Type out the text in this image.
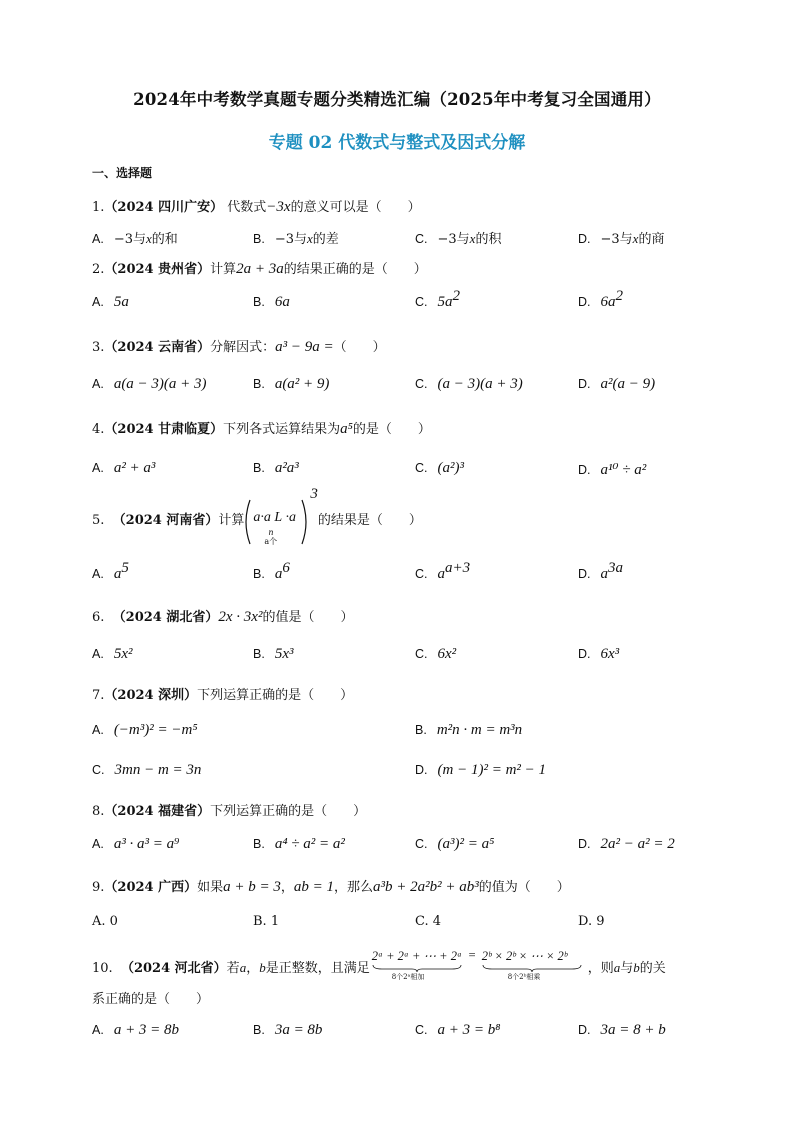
2024年中考数学真题专题分类精选汇编（2025年中考复习全国通用）
专题 02 代数式与整式及因式分解
一、选择题
1.（2024 四川广安） 代数式−3x的意义可以是（　　）
A. −3与x的和	B. −3与x的差	C. −3与x的积	D. −3与x的商
2.（2024 贵州省）计算2a + 3a的结果正确的是（　　）
A. 5a	B. 6a	C. $5a^2$	D. $6a^2$
3.（2024 云南省）分解因式：a³ − 9a =（　　）
A. a(a − 3)(a + 3)	B. a(a² + 9)	C. (a − 3)(a + 3)	D. a²(a − 9)
4.（2024 甘肃临夏）下列各式运算结果为a⁵的是（　　）
A. a² + a³	B. a²a³	C. (a²)³	D. a¹⁰ ÷ a²
5. （2024 河南省）计算 a·a L ·a
n
a个
$^3$的结果是（　　）
A. $a^5$	B. $a^6$	C. $a^{a+3}$	D. $a^{3a}$
6. （2024 湖北省）2x · 3x²的值是（　　）
A. 5x²	B. 5x³	C. 6x²	D. 6x³
7.（2024 深圳）下列运算正确的是（　　）
A. (−m³)² = −m⁵	B. m²n · m = m³n
C. 3mn − m = 3n	D. (m − 1)² = m² − 1
8.（2024 福建省）下列运算正确的是（　　）
A. a³ · a³ = a⁹	B. a⁴ ÷ a² = a²	C. (a³)² = a⁵	D. 2a² − a² = 2
9.（2024 广西）如果a + b = 3，ab = 1，那么a³b + 2a²b² + ab³的值为（　　）
A. 0	B. 1	C. 4	D. 9
10. （2024 河北省）若a，b是正整数，且满足
2ᵃ + 2ᵃ + ⋯ + 2ᵃ
8个2ᵃ相加
= 2ᵇ × 2ᵇ × ⋯ × 2ᵇ
8个2ᵇ相乘
，则a与b的关
系正确的是（　　）
A. a + 3 = 8b	B. 3a = 8b	C. a + 3 = b⁸	D. 3a = 8 + b
